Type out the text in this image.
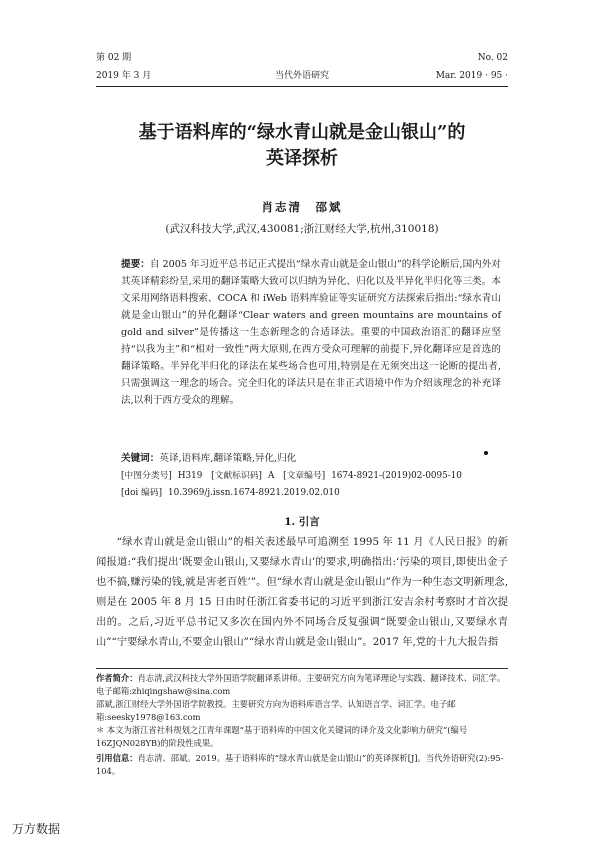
第 02 期	No. 02
2019 年 3 月	当代外语研究	Mar. 2019 · 95 ·
基于语料库的“绿水青山就是金山银山”的
英译探析
肖志清　邵斌
(武汉科技大学,武汉,430081;浙江财经大学,杭州,310018)

提要：自 2005 年习近平总书记正式提出“绿水青山就是金山银山”的科学论断后,国内外对其英译精彩纷呈,采用的翻译策略大致可以归纳为异化、归化以及半异化半归化等三类。本文采用网络语料搜索、COCA 和 iWeb 语料库验证等实证研究方法探索后指出:“绿水青山就是金山银山”的异化翻译“Clear waters and green mountains are mountains of gold and silver”是传播这一生态新理念的合适译法。重要的中国政治语汇的翻译应坚持“以我为主”和“相对一致性”两大原则,在西方受众可理解的前提下,异化翻译应是首选的翻译策略。半异化半归化的译法在某些场合也可用,特别是在无须突出这一论断的提出者,只需强调这一理念的场合。完全归化的译法只是在非正式语境中作为介绍该理念的补充译法,以利于西方受众的理解。

关键词：英译,语料库,翻译策略,异化,归化

[中图分类号] H319 [文献标识码] A [文章编号] 1674-8921-(2019)02-0095-10
[doi 编码] 10.3969/j.issn.1674-8921.2019.02.010
1. 引言

“绿水青山就是金山银山”的相关表述最早可追溯至 1995 年 11 月《人民日报》的新闻报道:“我们提出‘既要金山银山,又要绿水青山’的要求,明确指出:‘污染的项目,即使出金子也不搞,赚污染的钱,就是害老百姓’”。但“绿水青山就是金山银山”作为一种生态文明新理念,则是在 2005 年 8 月 15 日由时任浙江省委书记的习近平到浙江安吉余村考察时才首次提出的。之后,习近平总书记又多次在国内外不同场合反复强调“既要金山银山,又要绿水青山”“宁要绿水青山,不要金山银山”“绿水青山就是金山银山”。2017 年,党的十九大报告指

作者简介：肖志清,武汉科技大学外国语学院翻译系讲师。主要研究方向为笔译理论与实践、翻译技术、词汇学。电子邮箱:zhiqingshaw@sina.com

邵斌,浙江财经大学外国语学院教授。主要研究方向为语料库语言学、认知语言学、词汇学。电子邮箱:seesky1978@163.com

＊ 本文为浙江省社科规划之江青年课题“基于语料库的中国文化关键词的译介及文化影响力研究”(编号 16ZJQN028YB)的阶段性成果。

引用信息：肖志清、邵斌。2019。基于语料库的“绿水青山就是金山银山”的英译探析[J]。当代外语研究(2):95-104。

万方数据
